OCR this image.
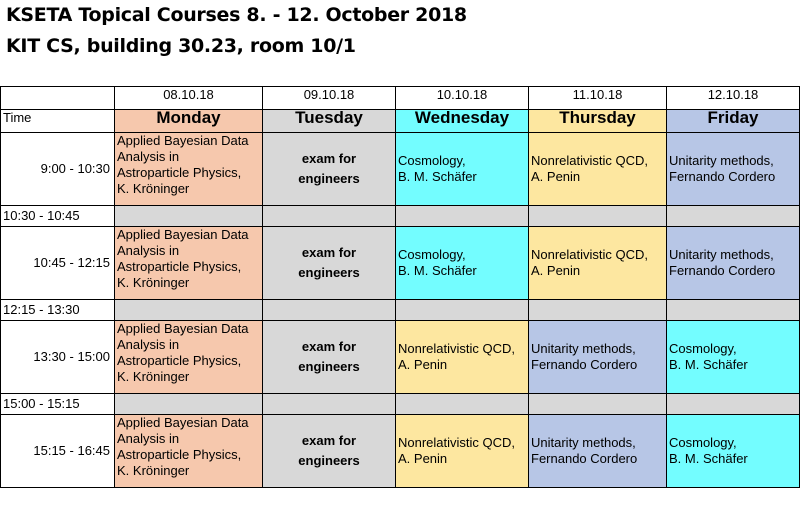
KSETA Topical Courses 8. - 12. October 2018
KIT CS, building 30.23, room 10/1
	08.10.18	09.10.18	10.10.18	11.10.18	12.10.18
Time	Monday	Tuesday	Wednesday	Thursday	Friday
9:00 - 10:30	Applied Bayesian Data
Analysis in
Astroparticle Physics,
K. Kröninger	exam for
engineers	Cosmology,
B. M. Schäfer	Nonrelativistic QCD,
A. Penin	Unitarity methods,
Fernando Cordero

10:30 - 10:45					
10:45 - 12:15	Applied Bayesian Data
Analysis in
Astroparticle Physics,
K. Kröninger	exam for
engineers	Cosmology,
B. M. Schäfer	Nonrelativistic QCD,
A. Penin	Unitarity methods,
Fernando Cordero

12:15 - 13:30					
13:30 - 15:00	Applied Bayesian Data
Analysis in
Astroparticle Physics,
K. Kröninger	exam for
engineers	Nonrelativistic QCD,
A. Penin	Unitarity methods,
Fernando Cordero	Cosmology,
B. M. Schäfer

15:00 - 15:15					
15:15 - 16:45	Applied Bayesian Data
Analysis in
Astroparticle Physics,
K. Kröninger	exam for
engineers	Nonrelativistic QCD,
A. Penin	Unitarity methods,
Fernando Cordero	Cosmology,
B. M. Schäfer
